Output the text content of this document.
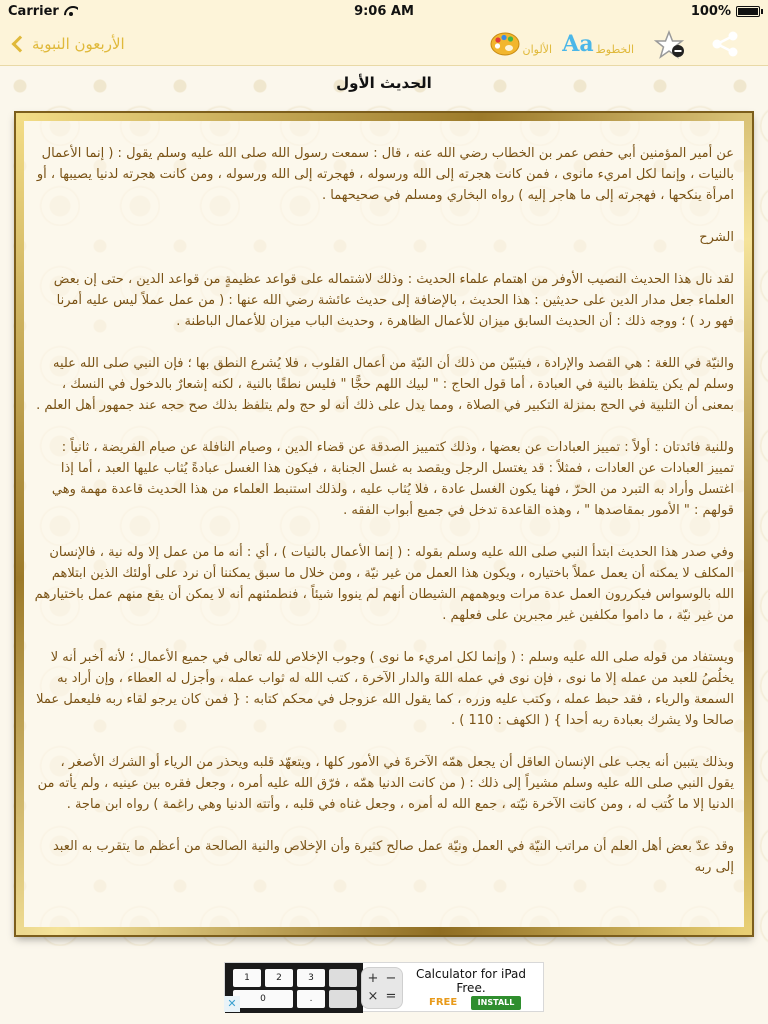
Carrier	9:06 AM	100%
الأربعون النبوية	الألوان Aa الخطوط
الحديث الأول

عن أمير المؤمنين أبي حفص عمر بن الخطاب رضي الله عنه ، قال : سمعت رسول الله صلى الله عليه وسلم يقول : ( إنما الأعمال بالنيات ، وإنما لكل امريء مانوى ، فمن كانت هجرته إلى الله ورسوله ، فهجرته إلى الله ورسوله ، ومن كانت هجرته لدنيا يصيبها ، أو امرأة ينكحها ، فهجرته إلى ما هاجر إليه ) رواه البخاري ومسلم في صحيحهما .

الشرح

لقد نال هذا الحديث النصيب الأوفر من اهتمام علماء الحديث : وذلك لاشتماله على قواعد عظيمةٍ من قواعد الدين ، حتى إن بعض العلماء جعل مدار الدين على حديثين : هذا الحديث ، بالإضافة إلى حديث عائشة رضي الله عنها : ( من عمل عملاً ليس عليه أمرنا فهو رد ) ؛ ووجه ذلك : أن الحديث السابق ميزان للأعمال الظاهرة ، وحديث الباب ميزان للأعمال الباطنة .

والنيّة في اللغة : هي القصد والإرادة ، فيتبيّن من ذلك أن النيّة من أعمال القلوب ، فلا يُشرع النطق بها ؛ فإن النبي صلى الله عليه وسلم لم يكن يتلفظ بالنية في العبادة ، أما قول الحاج : " لبيك اللهم حجًّا " فليس نطقًا بالنية ، لكنه إشعارٌ بالدخول في النسك ، بمعنى أن التلبية في الحج بمنزلة التكبير في الصلاة ، ومما يدل على ذلك أنه لو حج ولم يتلفظ بذلك صح حجه عند جمهور أهل العلم .

وللنية فائدتان : أولاً : تمييز العبادات عن بعضها ، وذلك كتمييز الصدقة عن قضاء الدين ، وصيام النافلة عن صيام الفريضة ، ثانياً : تمييز العبادات عن العادات ، فمثلاً : قد يغتسل الرجل ويقصد به غسل الجنابة ، فيكون هذا الغسل عبادةً يُثاب عليها العبد ، أما إذا اغتسل وأراد به التبرد من الحرّ ، فهنا يكون الغسل عادة ، فلا يُثاب عليه ، ولذلك استنبط العلماء من هذا الحديث قاعدة مهمة وهي قولهم : " الأمور بمقاصدها " ، وهذه القاعدة تدخل في جميع أبواب الفقه .

وفي صدر هذا الحديث ابتدأ النبي صلى الله عليه وسلم بقوله : ( إنما الأعمال بالنيات ) ، أي : أنه ما من عمل إلا وله نية ، فالإنسان المكلف لا يمكنه أن يعمل عملاً باختياره ، ويكون هذا العمل من غير نيّة ، ومن خلال ما سبق يمكننا أن نرد على أولئك الذين ابتلاهم الله بالوسواس فيكررون العمل عدة مرات ويوهمهم الشيطان أنهم لم ينووا شيئاً ، فنطمئنهم أنه لا يمكن أن يقع منهم عمل باختيارهم من غير نيّة ، ما داموا مكلفين غير مجبرين على فعلهم .

ويستفاد من قوله صلى الله عليه وسلم : ( وإنما لكل امريء ما نوى ) وجوب الإخلاص لله تعالى في جميع الأعمال ؛ لأنه أخبر أنه لا يخلُصُ للعبد من عمله إلا ما نوى ، فإن نوى في عمله اللهَ والدار الآخرة ، كتب الله له ثواب عمله ، وأجزل له العطاء ، وإن أراد به السمعة والرياء ، فقد حبط عمله ، وكتب عليه وزره ، كما يقول الله عزوجل في محكم كتابه : { فمن كان يرجو لقاء ربه فليعمل عملا صالحا ولا يشرك بعبادة ربه أحدا } ( الكهف : 110 ) .

وبذلك يتبين أنه يجب على الإنسان العاقل أن يجعل همّه الآخرةَ في الأمور كلها ، ويتعهّد قلبه ويحذر من الرياء أو الشرك الأصغر ، يقول النبي صلى الله عليه وسلم مشيراً إلى ذلك : ( من كانت الدنيا همّه ، فرّق الله عليه أمره ، وجعل فقره بين عينيه ، ولم يأته من الدنيا إلا ما كُتب له ، ومن كانت الآخرة نيّته ، جمع الله له أمره ، وجعل غناه في قلبه ، وأتته الدنيا وهي راغمة ) رواه ابن ماجة .

وقد عدّ بعض أهل العلم أن مراتب النيّة في العمل ونيّة عمل صالح كثيرة وأن الإخلاص والنية الصالحة من أعظم ما يتقرب به العبد إلى ربه

1	2	3
0	.
+ −
× =
Calculator for iPad Free.
FREE	INSTALL
✕
